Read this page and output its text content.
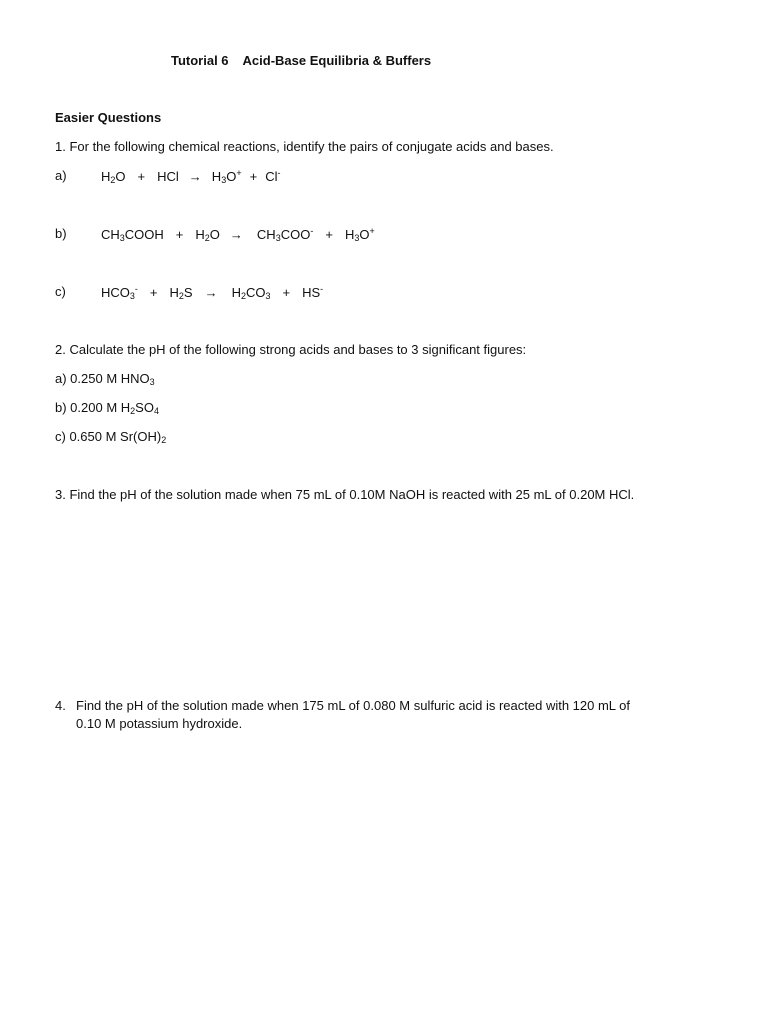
Tutorial 6 Acid-Base Equilibria & Buffers
Easier Questions
1. For the following chemical reactions, identify the pairs of conjugate acids and bases.
a)	H2O + HCl → H3O+ + Cl-
b)	CH3COOH + H2O → CH3COO- + H3O+
c)	HCO3- + H2S → H2CO3 + HS-
2. Calculate the pH of the following strong acids and bases to 3 significant figures:
a) 0.250 M $HNO_3$
b) 0.200 M $H_2SO_4$
c) 0.650 M $Sr(OH)_2$
3. Find the pH of the solution made when 75 mL of 0.10M NaOH is reacted with 25 mL of 0.20M HCl.
4. Find the pH of the solution made when 175 mL of 0.080 M sulfuric acid is reacted with 120 mL of
0.10 M potassium hydroxide.
